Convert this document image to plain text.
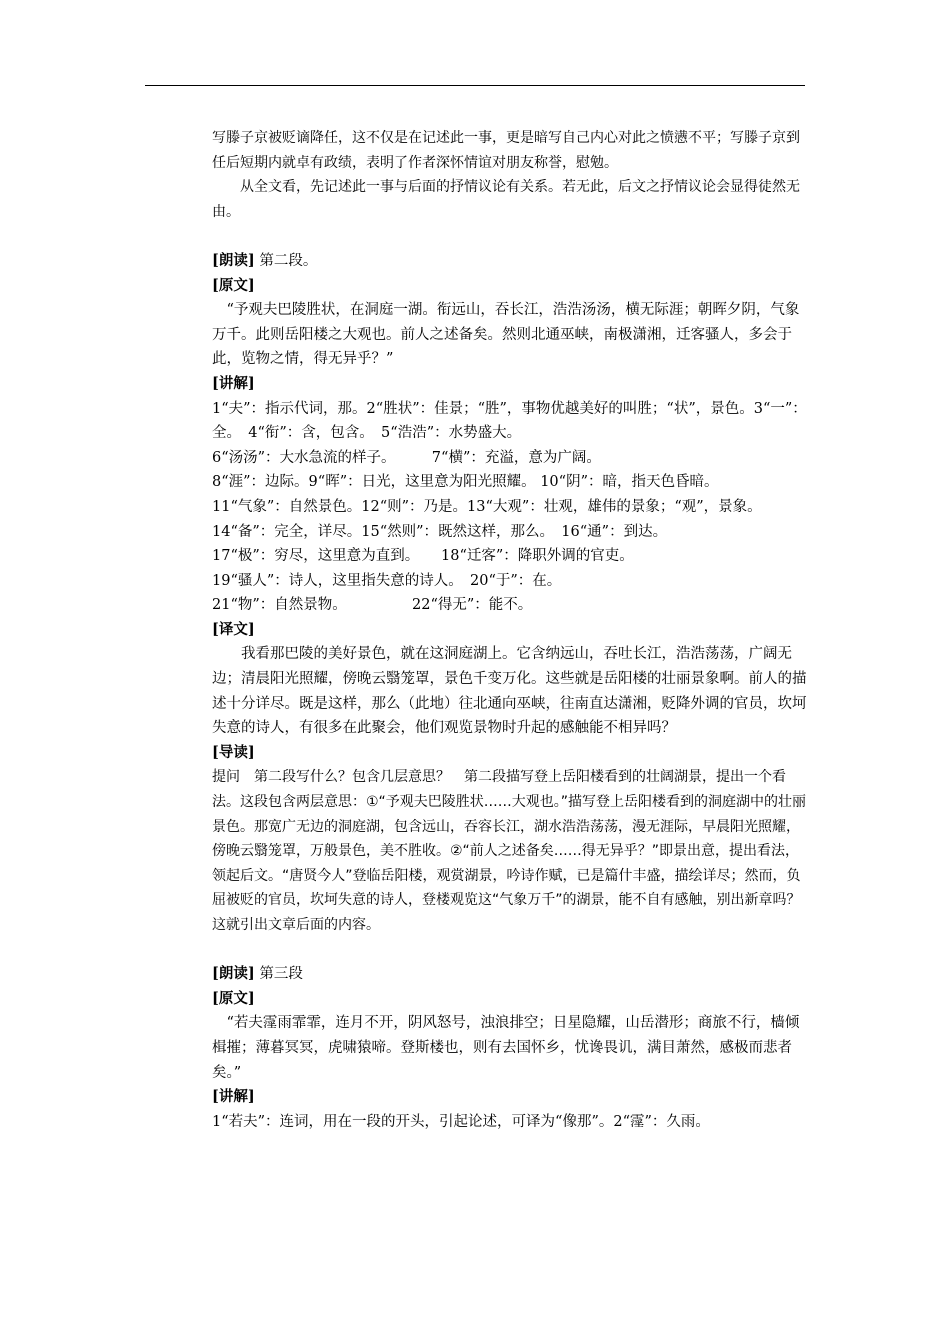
写滕子京被贬谪降任，这不仅是在记述此一事，更是暗写自己内心对此之愤懑不平；写滕子京到任后短期内就卓有政绩，表明了作者深怀情谊对朋友称誉，慰勉。

从全文看，先记述此一事与后面的抒情议论有关系。若无此，后文之抒情议论会显得徒然无由。

[朗读] 第二段。

[原文]

“予观夫巴陵胜状，在洞庭一湖。衔远山，吞长江，浩浩汤汤，横无际涯；朝晖夕阴，气象万千。此则岳阳楼之大观也。前人之述备矣。然则北通巫峡，南极潇湘，迁客骚人，多会于此，览物之情，得无异乎？”

[讲解]

1“夫”：指示代词，那。2“胜状”：佳景；“胜”，事物优越美好的叫胜；“状”，景色。3“一”：全。　4“衔”：含，包含。　5“浩浩”：水势盛大。

6“汤汤”：大水急流的样子。　　　7“横”：充溢，意为广阔。

8“涯”：边际。9“晖”：日光，这里意为阳光照耀。 10“阴”：暗，指天色昏暗。

11“气象”：自然景色。12“则”：乃是。13“大观”：壮观，雄伟的景象；“观”，景象。

14“备”：完全，详尽。15“然则”：既然这样，那么。　16“通”：到达。

17“极”：穷尽，这里意为直到。　　18“迁客”：降职外调的官吏。

19“骚人”：诗人，这里指失意的诗人。　20“于”：在。

21“物”：自然景物。　　　　　22“得无”：能不。

[译文]

我看那巴陵的美好景色，就在这洞庭湖上。它含纳远山，吞吐长江，浩浩荡荡，广阔无边；清晨阳光照耀，傍晚云翳笼罩，景色千变万化。这些就是岳阳楼的壮丽景象啊。前人的描述十分详尽。既是这样，那么（此地）往北通向巫峡，往南直达潇湘，贬降外调的官员，坎坷失意的诗人，有很多在此聚会，他们观览景物时升起的感触能不相异吗？

[导读]

提问　第二段写什么？包含几层意思？　第二段描写登上岳阳楼看到的壮阔湖景，提出一个看法。这段包含两层意思：①“予观夫巴陵胜状……大观也。”描写登上岳阳楼看到的洞庭湖中的壮丽景色。那宽广无边的洞庭湖，包含远山，吞容长江，湖水浩浩荡荡，漫无涯际，早晨阳光照耀，傍晚云翳笼罩，万般景色，美不胜收。②“前人之述备矣……得无异乎？”即景出意，提出看法，领起后文。“唐贤今人”登临岳阳楼，观赏湖景，吟诗作赋，已是篇什丰盛，描绘详尽；然而，负屈被贬的官员，坎坷失意的诗人，登楼观览这“气象万千”的湖景，能不自有感触，别出新章吗？这就引出文章后面的内容。

[朗读] 第三段

[原文]

“若夫霪雨霏霏，连月不开，阴风怒号，浊浪排空；日星隐耀，山岳潜形；商旅不行，樯倾楫摧；薄暮冥冥，虎啸猿啼。登斯楼也，则有去国怀乡，忧谗畏讥，满目萧然，感极而悲者矣。”

[讲解]

1“若夫”：连词，用在一段的开头，引起论述，可译为“像那”。2“霪”：久雨。
